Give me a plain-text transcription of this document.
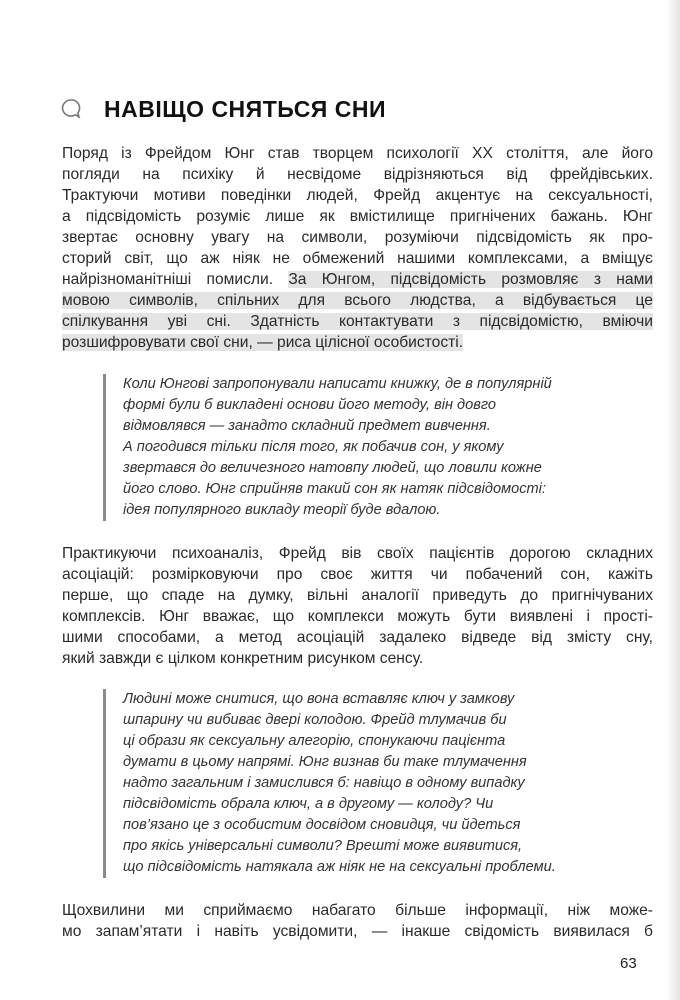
НАВІЩО СНЯТЬСЯ СНИ
Поряд із Фрейдом Юнг став творцем психології XX століття, але його
погляди на психіку й несвідоме відрізняються від фрейдівських.
Трактуючи мотиви поведінки людей, Фрейд акцентує на сексуальності,
а підсвідомість розуміє лише як вмістилище пригнічених бажань. Юнг
звертає основну увагу на символи, розуміючи підсвідомість як про-
сторий світ, що аж ніяк не обмежений нашими комплексами, а вміщує
найрізноманітніші помисли. За Юнгом, підсвідомість розмовляє з нами
мовою символів, спільних для всього людства, а відбувається це
спілкування уві сні. Здатність контактувати з підсвідомістю, вміючи
розшифровувати свої сни, — риса цілісної особистості.
Коли Юнгові запропонували написати книжку, де в популярній
формі були б викладені основи його методу, він довго
відмовлявся — занадто складний предмет вивчення.
А погодився тільки після того, як побачив сон, у якому
звертався до величезного натовпу людей, що ловили кожне
його слово. Юнг сприйняв такий сон як натяк підсвідомості:
ідея популярного викладу теорії буде вдалою.
Практикуючи психоаналіз, Фрейд вів своїх пацієнтів дорогою складних
асоціацій: розмірковуючи про своє життя чи побачений сон, кажіть
перше, що спаде на думку, вільні аналогії приведуть до пригнічуваних
комплексів. Юнг вважає, що комплекси можуть бути виявлені і прості-
шими способами, а метод асоціацій задалеко відведе від змісту сну,
який завжди є цілком конкретним рисунком сенсу.
Людині може снитися, що вона вставляє ключ у замкову
шпарину чи вибиває двері колодою. Фрейд тлумачив би
ці образи як сексуальну алегорію, спонукаючи пацієнта
думати в цьому напрямі. Юнг визнав би таке тлумачення
надто загальним і замислився б: навіщо в одному випадку
підсвідомість обрала ключ, а в другому — колоду? Чи
пов’язано це з особистим досвідом сновидця, чи йдеться
про якісь універсальні символи? Врешті може виявитися,
що підсвідомість натякала аж ніяк не на сексуальні проблеми.
Щохвилини ми сприймаємо набагато більше інформації, ніж може-
мо запам’ятати і навіть усвідомити, — інакше свідомість виявилася б
63
